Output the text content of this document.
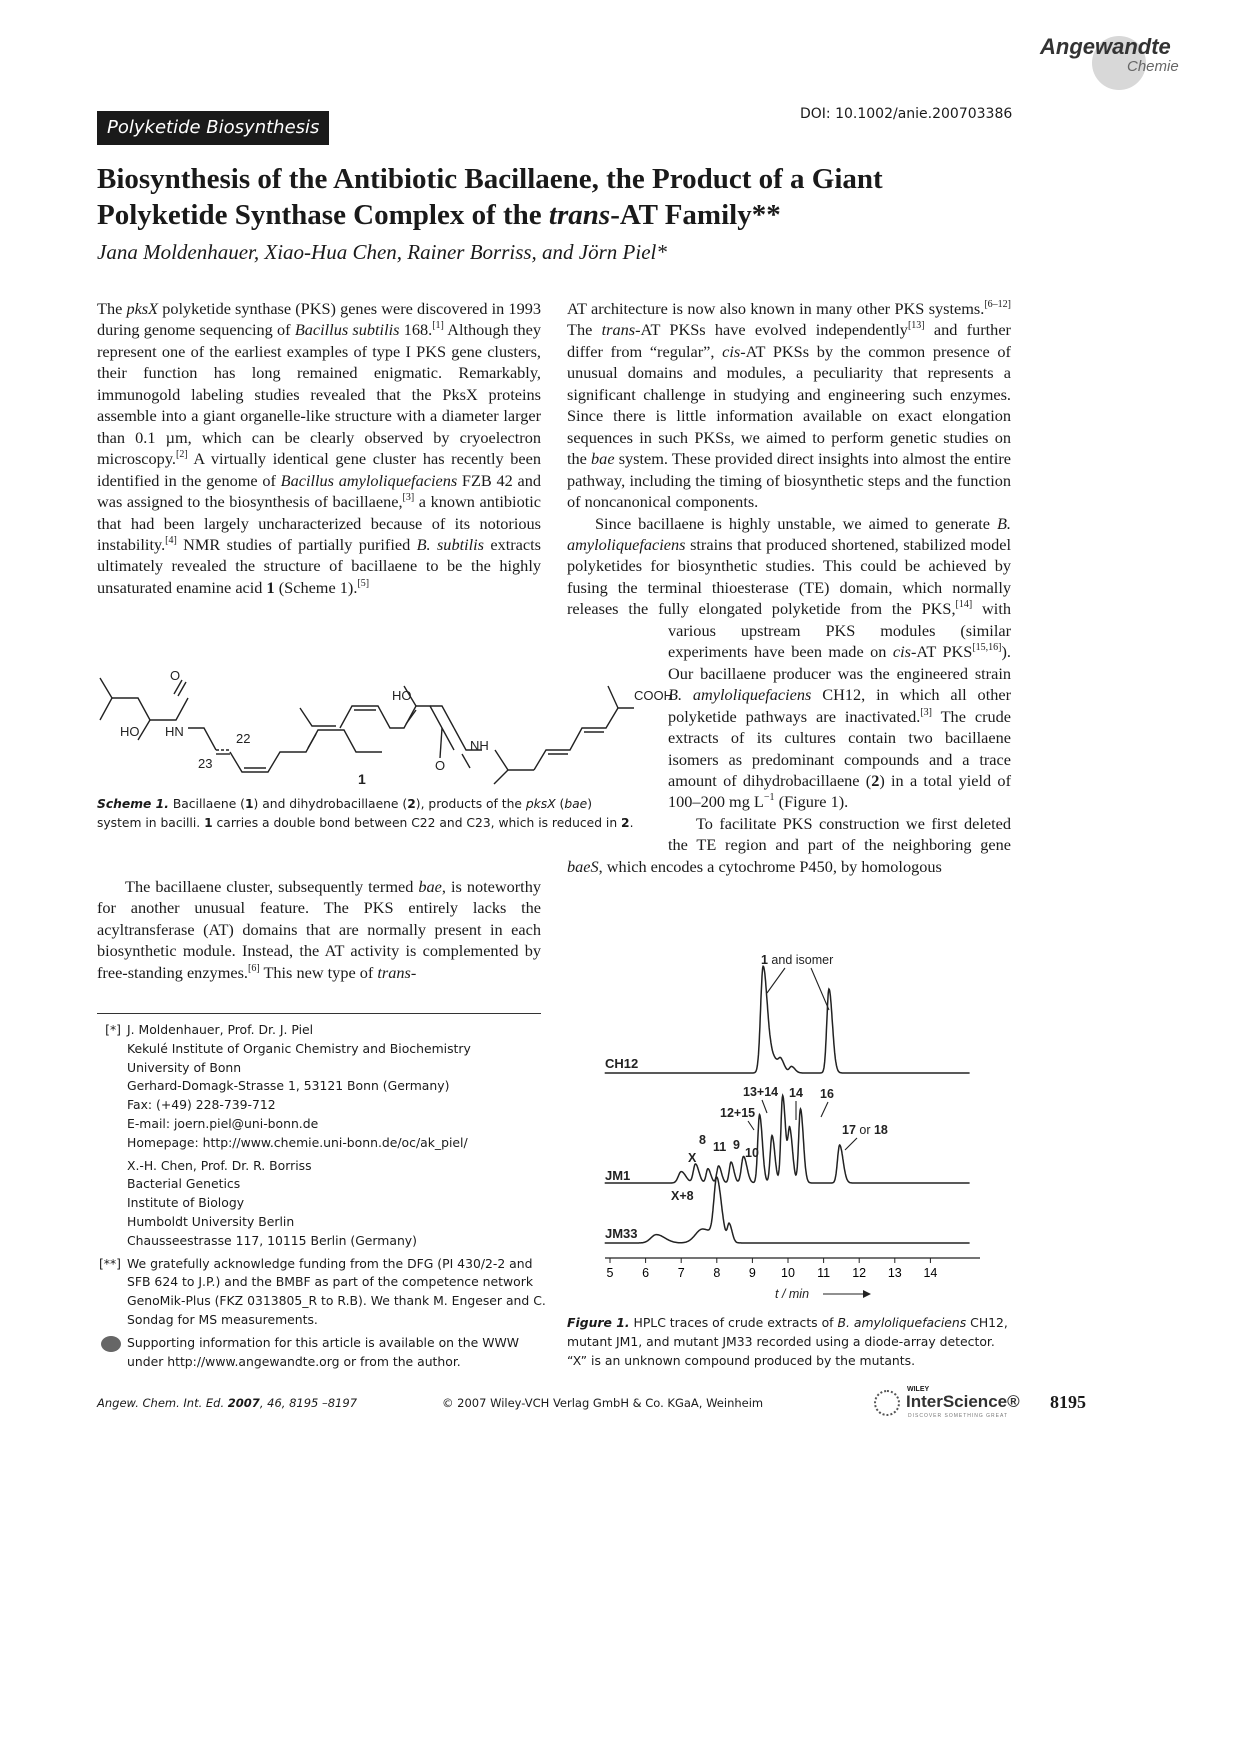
Angewandte
Chemie
Polyketide Biosynthesis
DOI: 10.1002/anie.200703386
Biosynthesis of the Antibiotic Bacillaene, the Product of a Giant
Polyketide Synthase Complex of the trans-AT Family**
Jana Moldenhauer, Xiao-Hua Chen, Rainer Borriss, and Jörn Piel*

The pksX polyketide synthase (PKS) genes were discovered in 1993 during genome sequencing of Bacillus subtilis 168.[1] Although they represent one of the earliest examples of type I PKS gene clusters, their function has long remained enigmatic. Remarkably, immunogold labeling studies revealed that the PksX proteins assemble into a giant organelle-like structure with a diameter larger than 0.1 µm, which can be clearly observed by cryoelectron microscopy.[2] A virtually identical gene cluster has recently been identified in the genome of Bacillus amyloliquefaciens FZB 42 and was assigned to the biosynthesis of bacillaene,[3] a known antibiotic that had been largely uncharacterized because of its notorious instability.[4] NMR studies of partially purified B. subtilis extracts ultimately revealed the structure of bacillaene to be the highly unsaturated enamine acid 1 (Scheme 1).[5]

O
HO HN	22
23
HO
NH
O
COOH
1
Scheme 1. Bacillaene (1) and dihydrobacillaene (2), products of the pksX (bae) system in bacilli. 1 carries a double bond between C22 and C23, which is reduced in 2.

The bacillaene cluster, subsequently termed bae, is noteworthy for another unusual feature. The PKS entirely lacks the acyltransferase (AT) domains that are normally present in each biosynthetic module. Instead, the AT activity is complemented by free-standing enzymes.[6] This new type of trans-

AT architecture is now also known in many other PKS systems.[6–12] The trans-AT PKSs have evolved independently[13] and further differ from “regular”, cis-AT PKSs by the common presence of unusual domains and modules, a peculiarity that represents a significant challenge in studying and engineering such enzymes. Since there is little information available on exact elongation sequences in such PKSs, we aimed to perform genetic studies on the bae system. These provided direct insights into almost the entire pathway, including the timing of biosynthetic steps and the function of noncanonical components.

Since bacillaene is highly unstable, we aimed to generate B. amyloliquefaciens strains that produced shortened, stabilized model polyketides for biosynthetic studies. This could be achieved by fusing the terminal thioesterase (TE) domain, which normally releases the fully elongated polyketide from the PKS,[14] with various upstream PKS modules (similar experiments have been made on cis-AT PKS[15,16]). Our bacillaene producer was the engineered strain B. amyloliquefaciens CH12, in which all other polyketide pathways are inactivated.[3] The crude extracts of its cultures contain two bacillaene isomers as predominant compounds and a trace amount of dihydrobacillaene (2) in a total yield of 100–200 mg $L^{-1}$ (Figure 1).

To facilitate PKS construction we first deleted the TE region and part of the neighboring gene baeS, which encodes a cytochrome P450, by homologous

[*] J. Moldenhauer, Prof. Dr. J. Piel
Kekulé Institute of Organic Chemistry and Biochemistry
University of Bonn
Gerhard-Domagk-Strasse 1, 53121 Bonn (Germany)
Fax: (+49) 228-739-712
E-mail: joern.piel@uni-bonn.de
Homepage: http://www.chemie.uni-bonn.de/oc/ak_piel/
X.-H. Chen, Prof. Dr. R. Borriss
Bacterial Genetics
Institute of Biology
Humboldt University Berlin
Chausseestrasse 117, 10115 Berlin (Germany)
[**] We gratefully acknowledge funding from the DFG (PI 430/2-2 and SFB 624 to J.P.) and the BMBF as part of the competence network GenoMik-Plus (FKZ 0313805_R to R.B). We thank M. Engeser and C. Sondag for MS measurements.
Supporting information for this article is available on the WWW under http://www.angewandte.org or from the author.
5 6 7 8 9 10 11 12 13 14
CH12
JM1
JM33
1 and isomer
13+14 14 16
12+15
8 11 9
10
X
17 or 18
X+8
t / min
Figure 1. HPLC traces of crude extracts of B. amyloliquefaciens CH12, mutant JM1, and mutant JM33 recorded using a diode-array detector. “X” is an unknown compound produced by the mutants.
Angew. Chem. Int. Ed. 2007, 46, 8195 –8197	© 2007 Wiley-VCH Verlag GmbH & Co. KGaA, Weinheim
WILEY
InterScience®
DISCOVER SOMETHING GREAT
8195
